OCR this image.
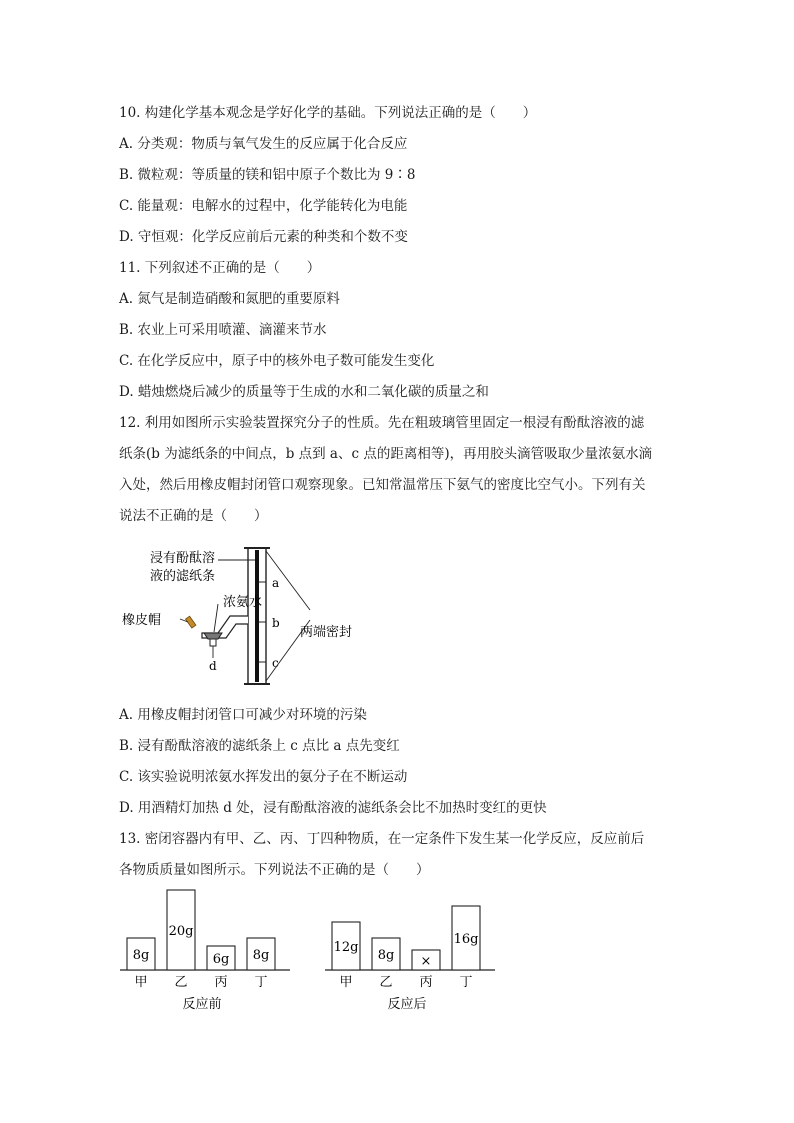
10. 构建化学基本观念是学好化学的基础。下列说法正确的是（　　）
A. 分类观：物质与氧气发生的反应属于化合反应
B. 微粒观：等质量的镁和铝中原子个数比为 9∶8
C. 能量观：电解水的过程中，化学能转化为电能
D. 守恒观：化学反应前后元素的种类和个数不变
11. 下列叙述不正确的是（　　）
A. 氮气是制造硝酸和氮肥的重要原料
B. 农业上可采用喷灌、滴灌来节水
C. 在化学反应中，原子中的核外电子数可能发生变化
D. 蜡烛燃烧后减少的质量等于生成的水和二氧化碳的质量之和
12. 利用如图所示实验装置探究分子的性质。先在粗玻璃管里固定一根浸有酚酞溶液的滤
纸条(b 为滤纸条的中间点，b 点到 a、c 点的距离相等)，再用胶头滴管吸取少量浓氨水滴
入处，然后用橡皮帽封闭管口观察现象。已知常温常压下氨气的密度比空气小。下列有关
说法不正确的是（　　）
a
b
c
浸有酚酞溶
液的滤纸条
浓氨水
橡皮帽
d
两端密封
A. 用橡皮帽封闭管口可减少对环境的污染
B. 浸有酚酞溶液的滤纸条上 c 点比 a 点先变红
C. 该实验说明浓氨水挥发出的氨分子在不断运动
D. 用酒精灯加热 d 处，浸有酚酞溶液的滤纸条会比不加热时变红的更快
13. 密闭容器内有甲、乙、丙、丁四种物质，在一定条件下发生某一化学反应，反应前后
各物质质量如图所示。下列说法不正确的是（　　）
8g
甲
20g
乙
6g
丙
8g
丁
反应前
12g
甲
8g
乙
×
丙
16g
丁
反应后
